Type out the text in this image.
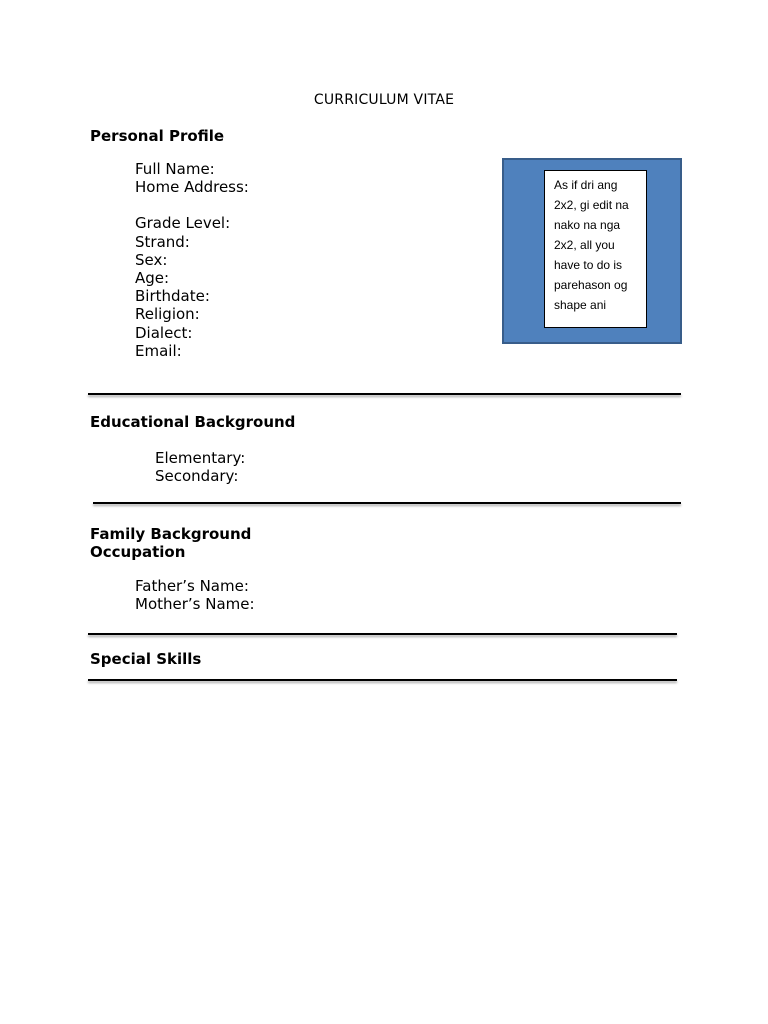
CURRICULUM VITAE
Personal Profile
Full Name:
Home Address:
Grade Level:
Strand:
Sex:
Age:
Birthdate:
Religion:
Dialect:
Email:
As if dri ang
2x2, gi edit na
nako na nga
2x2, all you
have to do is
parehason og
shape ani
Educational Background
Elementary:
Secondary:
Family Background
Occupation
Father’s Name:
Mother’s Name:
Special Skills
